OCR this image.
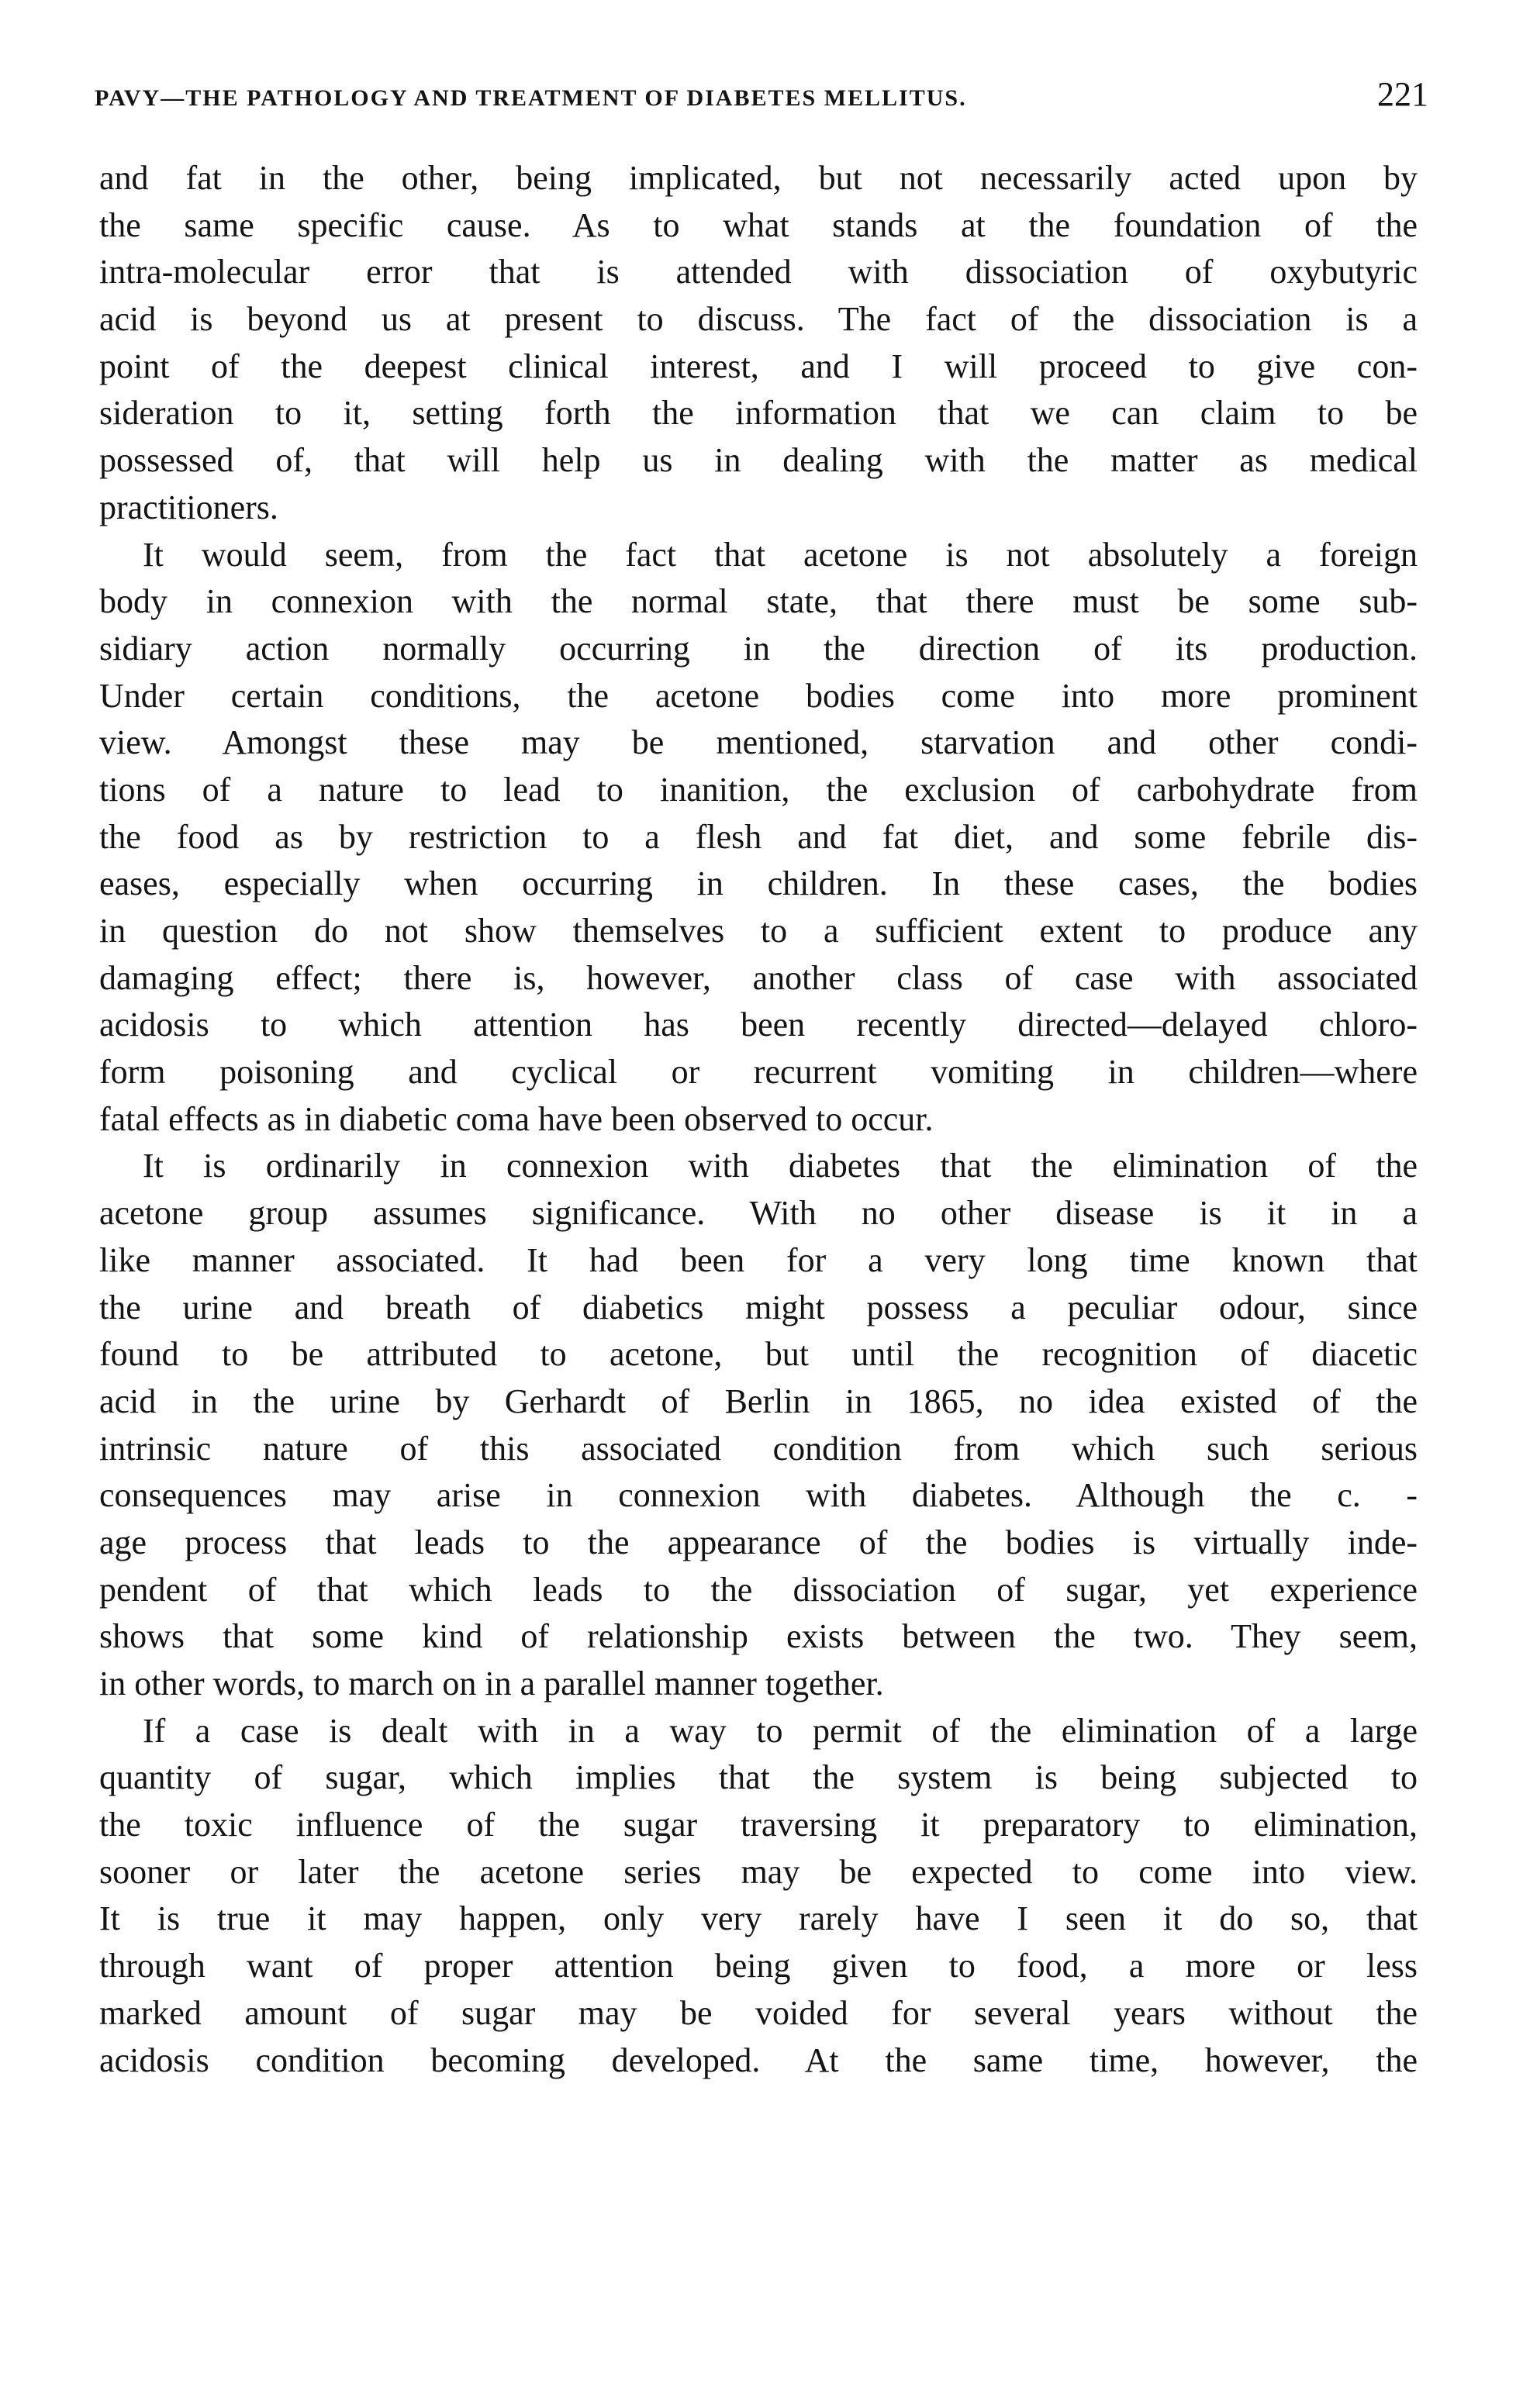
PAVY—THE PATHOLOGY AND TREATMENT OF DIABETES MELLITUS.	221
and fat in the other, being implicated, but not necessarily acted upon by
the same specific cause. As to what stands at the foundation of the
intra-molecular error that is attended with dissociation of oxybutyric
acid is beyond us at present to discuss. The fact of the dissociation is a
point of the deepest clinical interest, and I will proceed to give con-
sideration to it, setting forth the information that we can claim to be
possessed of, that will help us in dealing with the matter as medical
practitioners.
It would seem, from the fact that acetone is not absolutely a foreign
body in connexion with the normal state, that there must be some sub-
sidiary action normally occurring in the direction of its production.
Under certain conditions, the acetone bodies come into more prominent
view. Amongst these may be mentioned, starvation and other condi-
tions of a nature to lead to inanition, the exclusion of carbohydrate from
the food as by restriction to a flesh and fat diet, and some febrile dis-
eases, especially when occurring in children. In these cases, the bodies
in question do not show themselves to a sufficient extent to produce any
damaging effect; there is, however, another class of case with associated
acidosis to which attention has been recently directed—delayed chloro-
form poisoning and cyclical or recurrent vomiting in children—where
fatal effects as in diabetic coma have been observed to occur.
It is ordinarily in connexion with diabetes that the elimination of the
acetone group assumes significance. With no other disease is it in a
like manner associated. It had been for a very long time known that
the urine and breath of diabetics might possess a peculiar odour, since
found to be attributed to acetone, but until the recognition of diacetic
acid in the urine by Gerhardt of Berlin in 1865, no idea existed of the
intrinsic nature of this associated condition from which such serious
consequences may arise in connexion with diabetes. Although the c. -
age process that leads to the appearance of the bodies is virtually inde-
pendent of that which leads to the dissociation of sugar, yet experience
shows that some kind of relationship exists between the two. They seem,
in other words, to march on in a parallel manner together.
If a case is dealt with in a way to permit of the elimination of a large
quantity of sugar, which implies that the system is being subjected to
the toxic influence of the sugar traversing it preparatory to elimination,
sooner or later the acetone series may be expected to come into view.
It is true it may happen, only very rarely have I seen it do so, that
through want of proper attention being given to food, a more or less
marked amount of sugar may be voided for several years without the
acidosis condition becoming developed. At the same time, however, the
